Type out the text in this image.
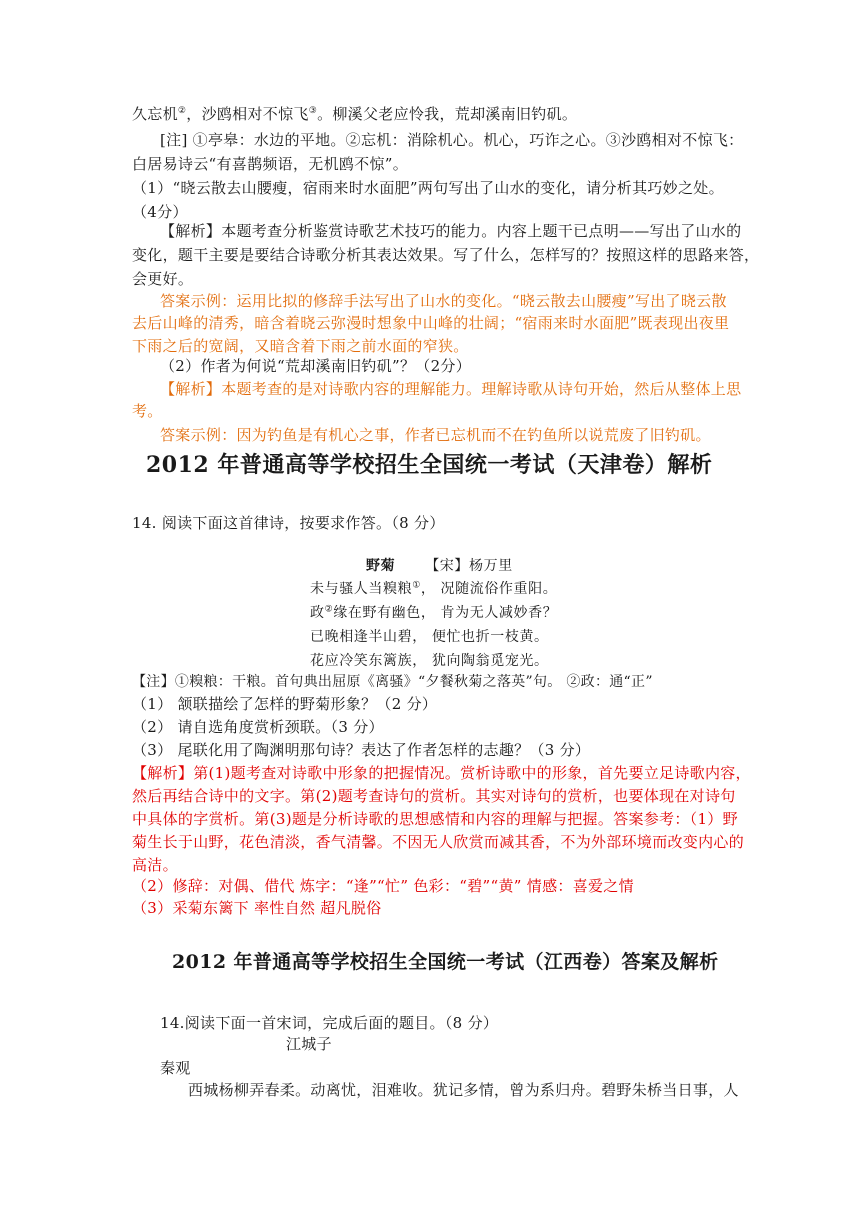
久忘机②，沙鸥相对不惊飞③。柳溪父老应怜我，荒却溪南旧钓矶。
[注] ①亭皋：水边的平地。②忘机：消除机心。机心，巧诈之心。③沙鸥相对不惊飞：
白居易诗云“有喜鹊频语，无机鸥不惊”。
（1）“晓云散去山腰瘦，宿雨来时水面肥”两句写出了山水的变化，请分析其巧妙之处。
（4分）
【解析】本题考查分析鉴赏诗歌艺术技巧的能力。内容上题干已点明——写出了山水的
变化，题干主要是要结合诗歌分析其表达效果。写了什么，怎样写的？按照这样的思路来答，
会更好。
答案示例：运用比拟的修辞手法写出了山水的变化。“晓云散去山腰瘦”写出了晓云散
去后山峰的清秀，暗含着晓云弥漫时想象中山峰的壮阔；“宿雨来时水面肥”既表现出夜里
下雨之后的宽阔，又暗含着下雨之前水面的窄狭。
（2）作者为何说“荒却溪南旧钓矶”？（2分）
【解析】本题考查的是对诗歌内容的理解能力。理解诗歌从诗句开始，然后从整体上思
考。
答案示例：因为钓鱼是有机心之事，作者已忘机而不在钓鱼所以说荒废了旧钓矶。
2012 年普通高等学校招生全国统一考试（天津卷）解析
14. 阅读下面这首律诗，按要求作答。（8 分）
野菊 【宋】杨万里
未与骚人当糗粮①， 况随流俗作重阳。
政②缘在野有幽色， 肯为无人减妙香？
已晚相逢半山碧， 便忙也折一枝黄。
花应冷笑东篱族， 犹向陶翁觅宠光。
【注】①糗粮：干粮。首句典出屈原《离骚》“夕餐秋菊之落英”句。 ②政：通“正”
（1） 颔联描绘了怎样的野菊形象？（2 分）
（2） 请自选角度赏析颈联。（3 分）
（3） 尾联化用了陶渊明那句诗？表达了作者怎样的志趣？（3 分）
【解析】第(1)题考查对诗歌中形象的把握情况。赏析诗歌中的形象，首先要立足诗歌内容，
然后再结合诗中的文字。第(2)题考查诗句的赏析。其实对诗句的赏析，也要体现在对诗句
中具体的字赏析。第(3)题是分析诗歌的思想感情和内容的理解与把握。答案参考：（1）野
菊生长于山野，花色清淡，香气清馨。不因无人欣赏而减其香，不为外部环境而改变内心的
高洁。
（2）修辞：对偶、借代 炼字：“逢”“忙” 色彩：“碧”“黄” 情感：喜爱之情
（3）采菊东篱下 率性自然 超凡脱俗
2012 年普通高等学校招生全国统一考试（江西卷）答案及解析
14.阅读下面一首宋词，完成后面的题目。（8 分）
江城子
秦观
西城杨柳弄春柔。动离忧，泪难收。犹记多情，曾为系归舟。碧野朱桥当日事，人
